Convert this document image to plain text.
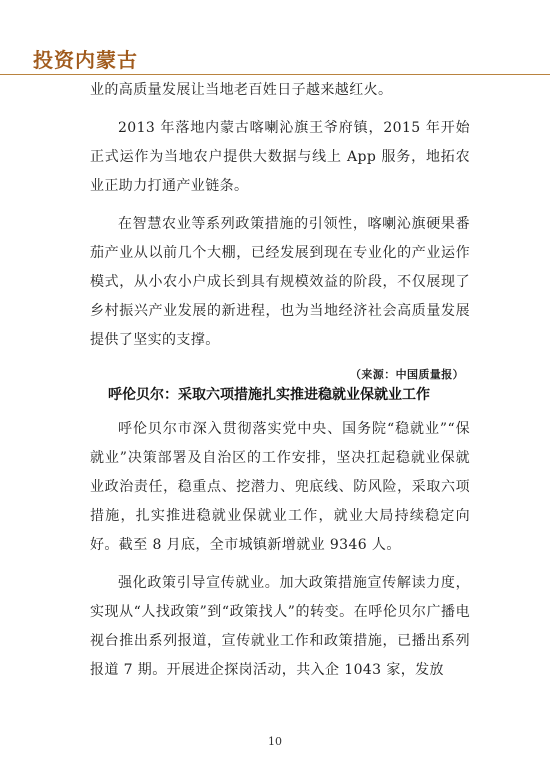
投资内蒙古

业的高质量发展让当地老百姓日子越来越红火。

2013 年落地内蒙古喀喇沁旗王爷府镇，2015 年开始正式运作为当地农户提供大数据与线上 App 服务，地拓农业正助力打通产业链条。

在智慧农业等系列政策措施的引领性，喀喇沁旗硬果番茄产业从以前几个大棚，已经发展到现在专业化的产业运作模式，从小农小户成长到具有规模效益的阶段，不仅展现了乡村振兴产业发展的新进程，也为当地经济社会高质量发展提供了坚实的支撑。

（来源：中国质量报）
呼伦贝尔：采取六项措施扎实推进稳就业保就业工作

呼伦贝尔市深入贯彻落实党中央、国务院“稳就业”“保就业”决策部署及自治区的工作安排，坚决扛起稳就业保就业政治责任，稳重点、挖潜力、兜底线、防风险，采取六项措施，扎实推进稳就业保就业工作，就业大局持续稳定向好。截至 8 月底，全市城镇新增就业 9346 人。

强化政策引导宣传就业。加大政策措施宣传解读力度，实现从“人找政策”到“政策找人”的转变。在呼伦贝尔广播电视台推出系列报道，宣传就业工作和政策措施，已播出系列报道 7 期。开展进企探岗活动，共入企 1043 家，发放

10
